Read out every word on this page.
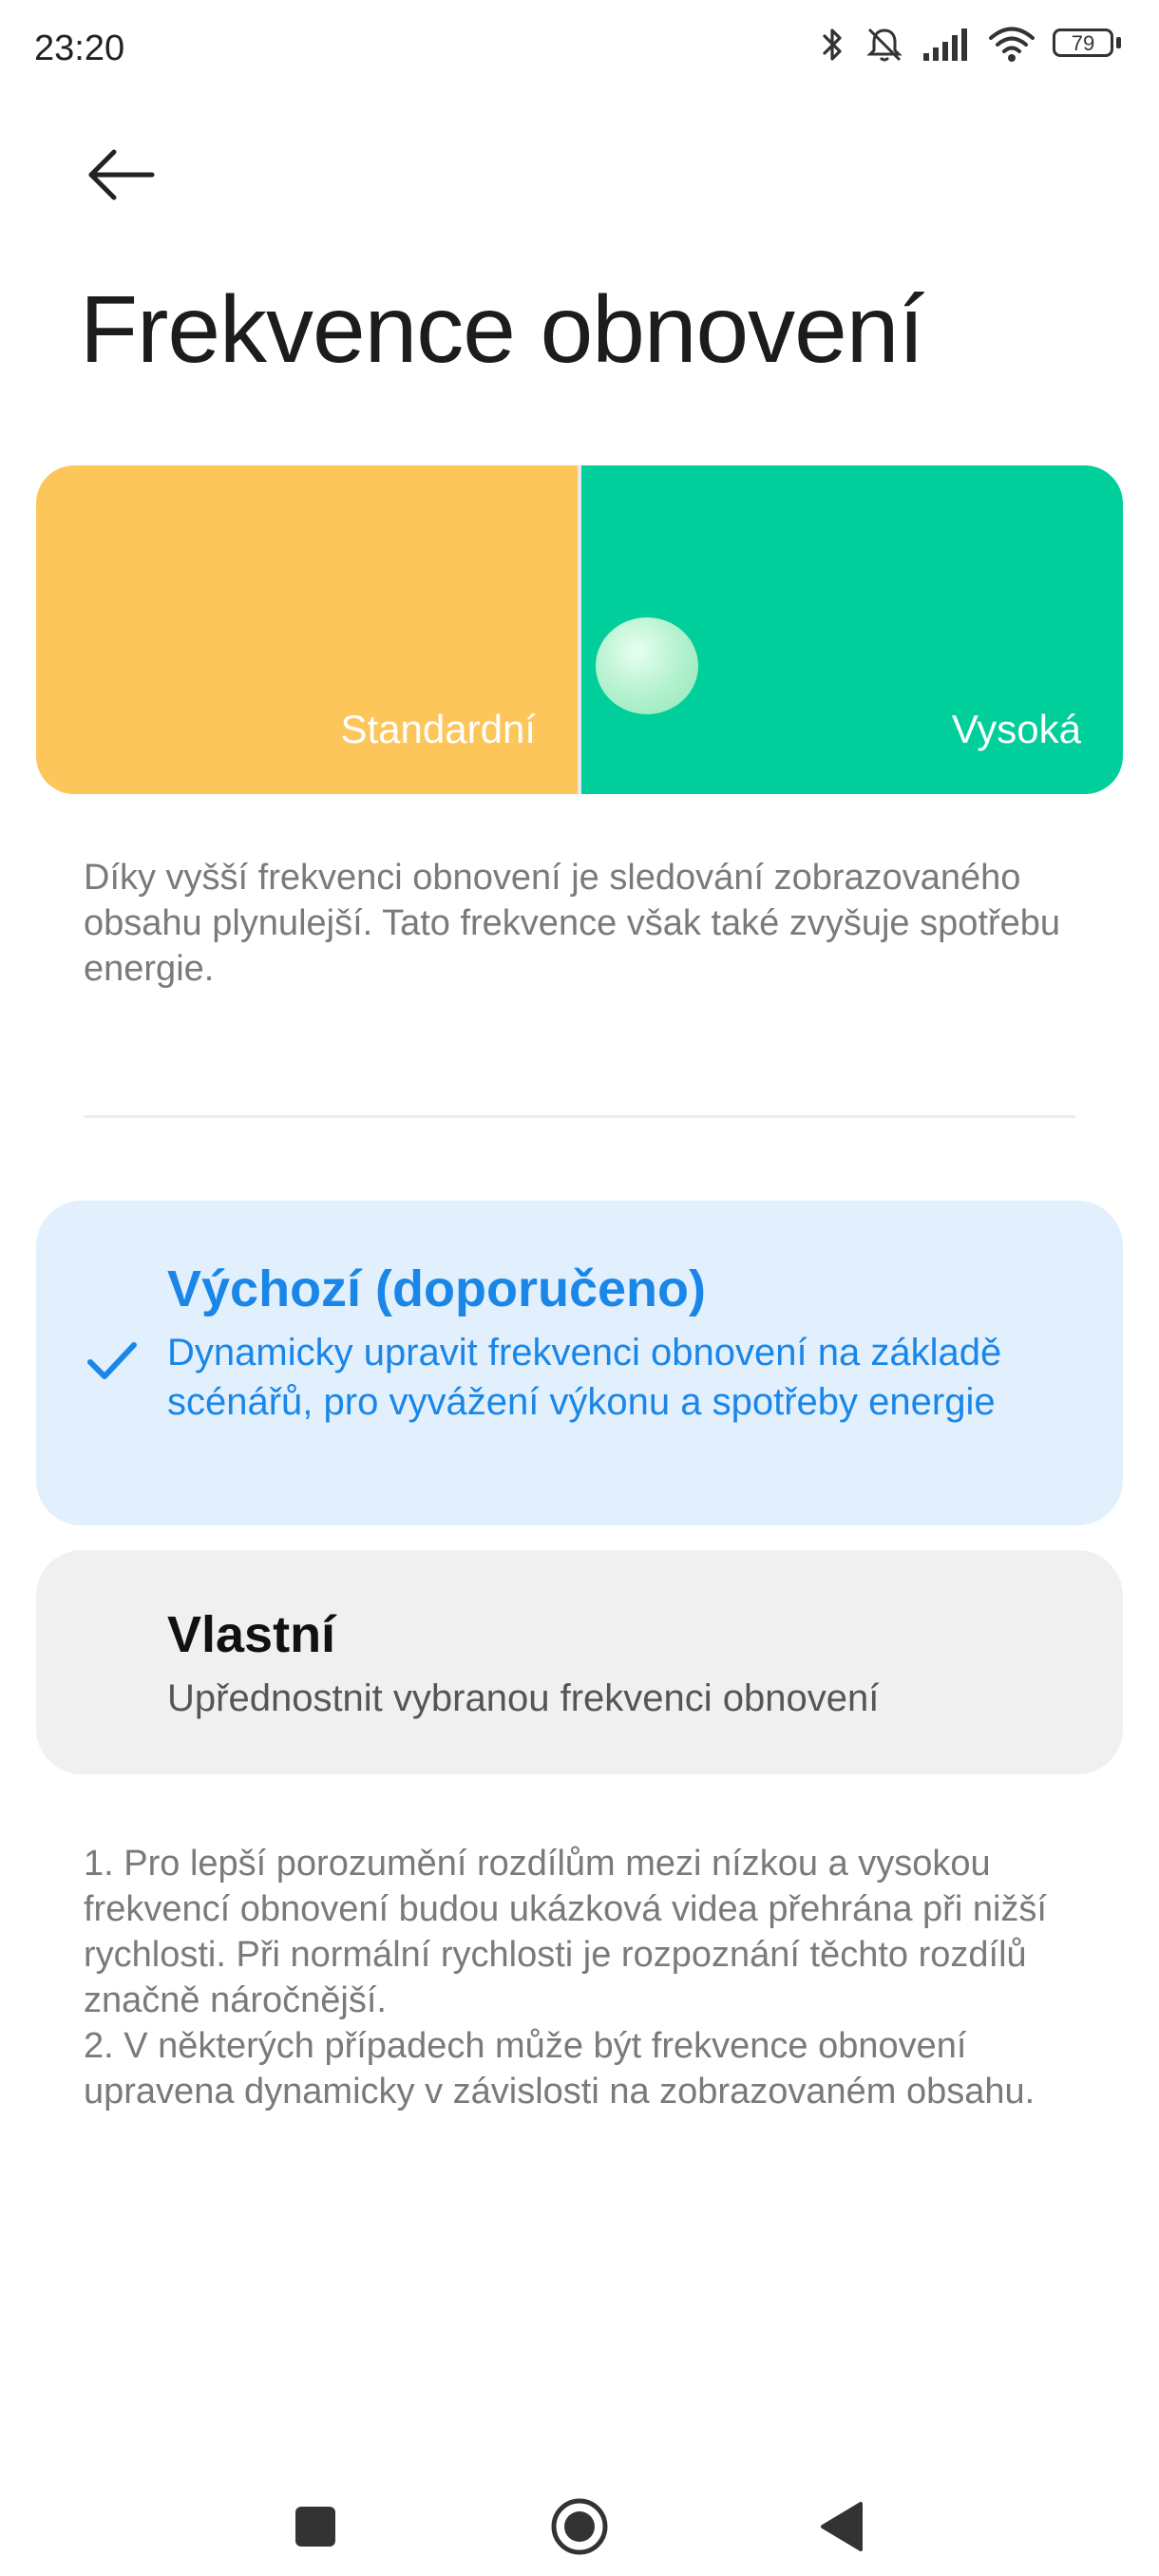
23:20	79
Frekvence obnovení
Standardní	Vysoká
Díky vyšší frekvenci obnovení je sledování zobrazovaného obsahu plynulejší. Tato frekvence však také zvyšuje spotřebu energie.
Výchozí (doporučeno)
Dynamicky upravit frekvenci obnovení na základě scénářů, pro vyvážení výkonu a spotřeby energie
Vlastní
Upřednostnit vybranou frekvenci obnovení
1. Pro lepší porozumění rozdílům mezi nízkou a vysokou frekvencí obnovení budou ukázková videa přehrána při nižší rychlosti. Při normální rychlosti je rozpoznání těchto rozdílů značně náročnější.
2. V některých případech může být frekvence obnovení upravena dynamicky v závislosti na zobrazovaném obsahu.
